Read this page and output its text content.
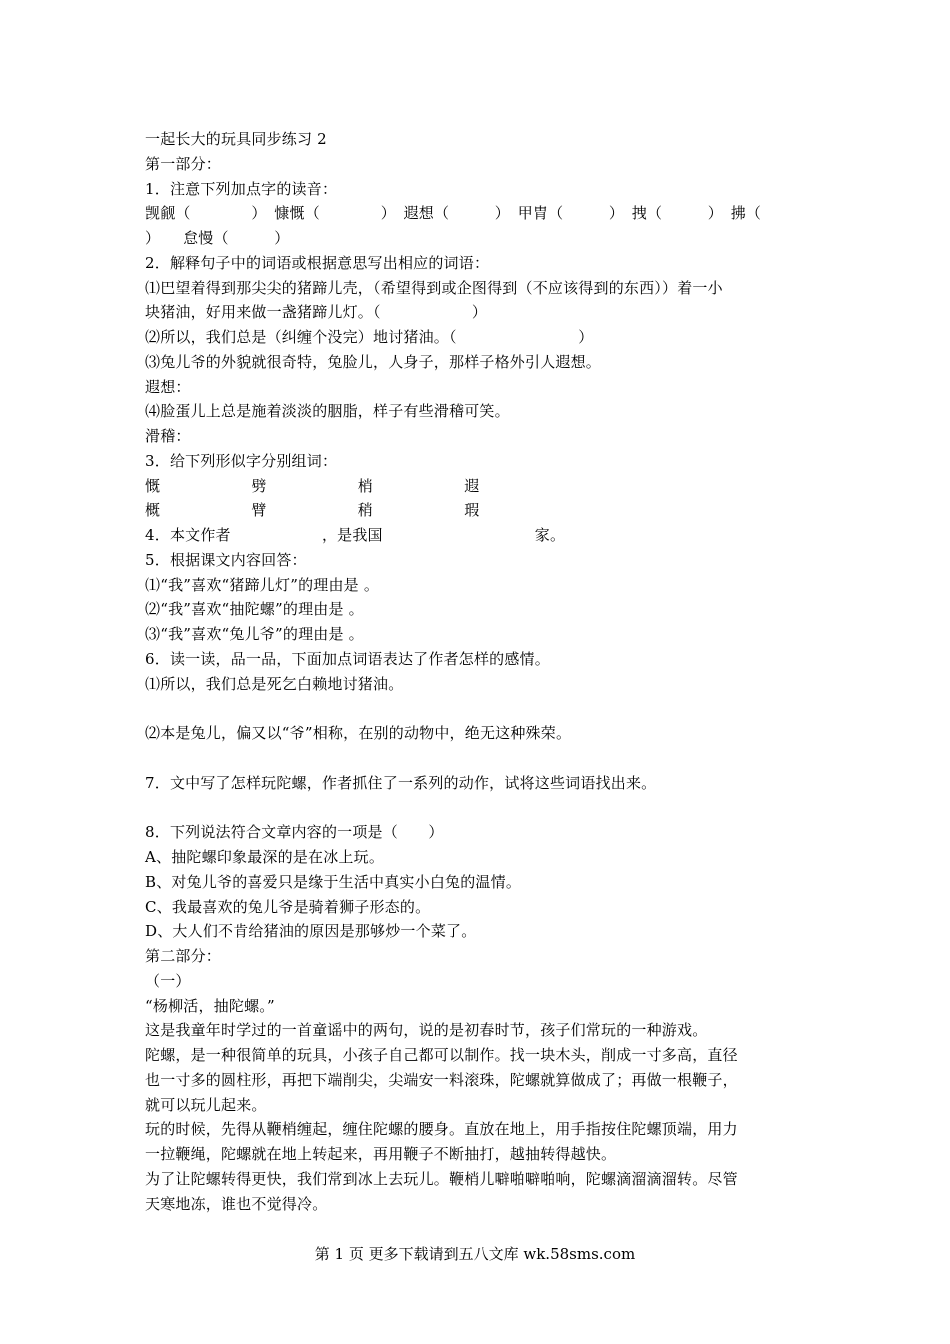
一起长大的玩具同步练习 2
第一部分：
1．注意下列加点字的读音：
觊觎（　　　　）　慷慨（　　　　）　遐想（　　　）　甲胄（　　　）　拽（　　　）　拂（
）　　怠慢（　　　）
2．解释句子中的词语或根据意思写出相应的词语：
⑴巴望着得到那尖尖的猪蹄儿壳，（希望得到或企图得到（不应该得到的东西））着一小
块猪油，好用来做一盏猪蹄儿灯。（　　　　　　）
⑵所以，我们总是（纠缠个没完）地讨猪油。（　　　　　　　　）
⑶兔儿爷的外貌就很奇特，兔脸儿，人身子，那样子格外引人遐想。
遐想：
⑷脸蛋儿上总是施着淡淡的胭脂，样子有些滑稽可笑。
滑稽：
3．给下列形似字分别组词：
慨　　　　　　劈　　　　　　梢　　　　　　遐
概　　　　　　臂　　　　　　稍　　　　　　瑕
4．本文作者　　　　　　，是我国　　　　　　　　　　家。
5．根据课文内容回答：
⑴“我”喜欢“猪蹄儿灯”的理由是 。
⑵“我”喜欢“抽陀螺”的理由是 。
⑶“我”喜欢“兔儿爷”的理由是 。
6．读一读，品一品，下面加点词语表达了作者怎样的感情。
⑴所以，我们总是死乞白赖地讨猪油。
⑵本是兔儿，偏又以“爷”相称，在别的动物中，绝无这种殊荣。
7．文中写了怎样玩陀螺，作者抓住了一系列的动作，试将这些词语找出来。
8．下列说法符合文章内容的一项是（　　）
A、抽陀螺印象最深的是在冰上玩。
B、对兔儿爷的喜爱只是缘于生活中真实小白兔的温情。
C、我最喜欢的兔儿爷是骑着狮子形态的。
D、大人们不肯给猪油的原因是那够炒一个菜了。
第二部分：
（一）
“杨柳活，抽陀螺。”
这是我童年时学过的一首童谣中的两句，说的是初春时节，孩子们常玩的一种游戏。
陀螺，是一种很简单的玩具，小孩子自己都可以制作。找一块木头，削成一寸多高，直径
也一寸多的圆柱形，再把下端削尖，尖端安一料滚珠，陀螺就算做成了；再做一根鞭子，
就可以玩儿起来。
玩的时候，先得从鞭梢缠起，缠住陀螺的腰身。直放在地上，用手指按住陀螺顶端，用力
一拉鞭绳，陀螺就在地上转起来，再用鞭子不断抽打，越抽转得越快。
为了让陀螺转得更快，我们常到冰上去玩儿。鞭梢儿噼啪噼啪响，陀螺滴溜滴溜转。尽管
天寒地冻，谁也不觉得冷。
第 1 页 更多下载请到五八文库 wk.58sms.com
